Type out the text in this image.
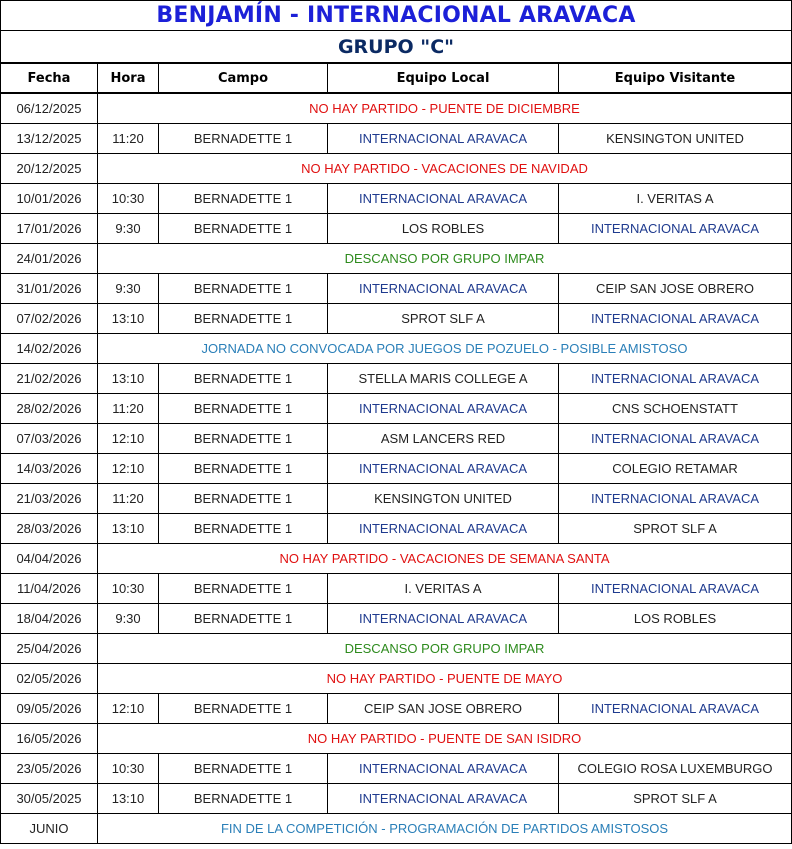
BENJAMÍN - INTERNACIONAL ARAVACA				
GRUPO "C"				
Fecha	Hora	Campo	Equipo Local	Equipo Visitante
06/12/2025	NO HAY PARTIDO - PUENTE DE DICIEMBRE			
13/12/2025	11:20	BERNADETTE 1	INTERNACIONAL ARAVACA	KENSINGTON UNITED
20/12/2025	NO HAY PARTIDO - VACACIONES DE NAVIDAD			
10/01/2026	10:30	BERNADETTE 1	INTERNACIONAL ARAVACA	I. VERITAS A
17/01/2026	9:30	BERNADETTE 1	LOS ROBLES	INTERNACIONAL ARAVACA
24/01/2026	DESCANSO POR GRUPO IMPAR			
31/01/2026	9:30	BERNADETTE 1	INTERNACIONAL ARAVACA	CEIP SAN JOSE OBRERO
07/02/2026	13:10	BERNADETTE 1	SPROT SLF A	INTERNACIONAL ARAVACA
14/02/2026	JORNADA NO CONVOCADA POR JUEGOS DE POZUELO - POSIBLE AMISTOSO			
21/02/2026	13:10	BERNADETTE 1	STELLA MARIS COLLEGE A	INTERNACIONAL ARAVACA
28/02/2026	11:20	BERNADETTE 1	INTERNACIONAL ARAVACA	CNS SCHOENSTATT
07/03/2026	12:10	BERNADETTE 1	ASM LANCERS RED	INTERNACIONAL ARAVACA
14/03/2026	12:10	BERNADETTE 1	INTERNACIONAL ARAVACA	COLEGIO RETAMAR
21/03/2026	11:20	BERNADETTE 1	KENSINGTON UNITED	INTERNACIONAL ARAVACA
28/03/2026	13:10	BERNADETTE 1	INTERNACIONAL ARAVACA	SPROT SLF A
04/04/2026	NO HAY PARTIDO - VACACIONES DE SEMANA SANTA			
11/04/2026	10:30	BERNADETTE 1	I. VERITAS A	INTERNACIONAL ARAVACA
18/04/2026	9:30	BERNADETTE 1	INTERNACIONAL ARAVACA	LOS ROBLES
25/04/2026	DESCANSO POR GRUPO IMPAR			
02/05/2026	NO HAY PARTIDO - PUENTE DE MAYO			
09/05/2026	12:10	BERNADETTE 1	CEIP SAN JOSE OBRERO	INTERNACIONAL ARAVACA
16/05/2026	NO HAY PARTIDO - PUENTE DE SAN ISIDRO			
23/05/2026	10:30	BERNADETTE 1	INTERNACIONAL ARAVACA	COLEGIO ROSA LUXEMBURGO
30/05/2025	13:10	BERNADETTE 1	INTERNACIONAL ARAVACA	SPROT SLF A
JUNIO	FIN DE LA COMPETICIÓN - PROGRAMACIÓN DE PARTIDOS AMISTOSOS			
